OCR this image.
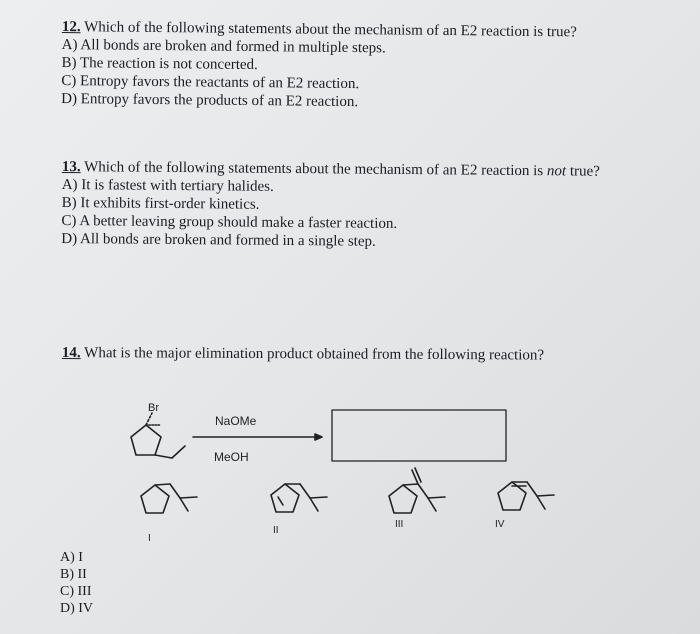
12. Which of the following statements about the mechanism of an E2 reaction is true?

A) All bonds are broken and formed in multiple steps.

B) The reaction is not concerted.

C) Entropy favors the reactants of an E2 reaction.

D) Entropy favors the products of an E2 reaction.

13. Which of the following statements about the mechanism of an E2 reaction is not true?

A) It is fastest with tertiary halides.

B) It exhibits first-order kinetics.

C) A better leaving group should make a faster reaction.

D) All bonds are broken and formed in a single step.

14. What is the major elimination product obtained from the following reaction?

Br
NaOMe
MeOH
I
II
III	IV

A) I

B) II

C) III

D) IV
